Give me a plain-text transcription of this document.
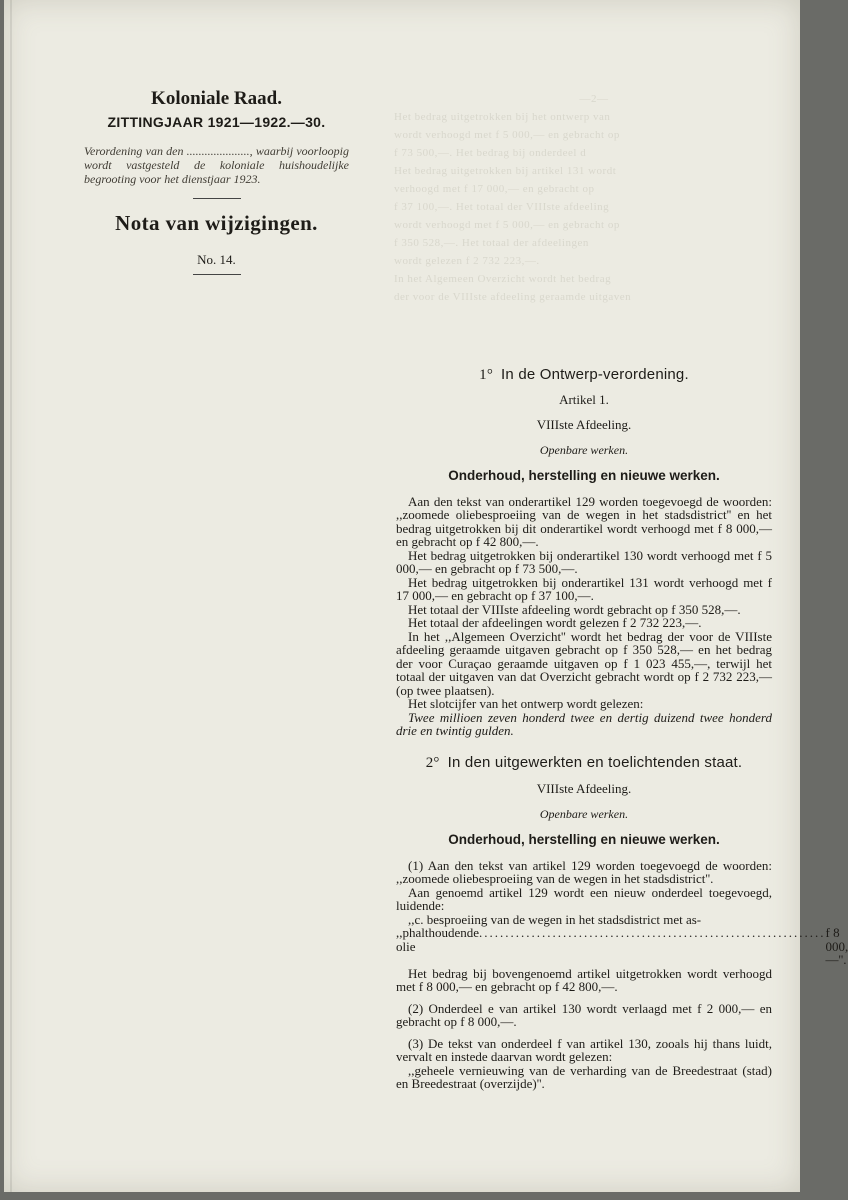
—2—
Het bedrag uitgetrokken bij het ontwerp van
wordt verhoogd met f 5 000,— en gebracht op
f 73 500,—. Het bedrag bij onderdeel d
Het bedrag uitgetrokken bij artikel 131 wordt
verhoogd met f 17 000,— en gebracht op
f 37 100,—. Het totaal der VIIIste afdeeling
wordt verhoogd met f 5 000,— en gebracht op
f 350 528,—. Het totaal der afdeelingen
wordt gelezen f 2 732 223,—.
In het Algemeen Overzicht wordt het bedrag
der voor de VIIIste afdeeling geraamde uitgaven
Koloniale Raad.
ZITTINGJAAR 1921—1922.—30.
Verordening van den ....................., waarbij voorloopig wordt vastgesteld de koloniale huishoudelijke begrooting voor het dienstjaar 1923.
Nota van wijzigingen.
No. 14.
1° In de Ontwerp-verordening.
Artikel 1.
VIIIste Afdeeling.
Openbare werken.
Onderhoud, herstelling en nieuwe werken.

Aan den tekst van onderartikel 129 worden toegevoegd de woorden: ,,zoomede oliebesproeiing van de wegen in het stadsdistrict'' en het bedrag uitgetrokken bij dit onderartikel wordt verhoogd met f 8 000,— en gebracht op f 42 800,—.

Het bedrag uitgetrokken bij onderartikel 130 wordt verhoogd met f 5 000,— en gebracht op f 73 500,—.

Het bedrag uitgetrokken bij onderartikel 131 wordt verhoogd met f 17 000,— en gebracht op f 37 100,—.

Het totaal der VIIIste afdeeling wordt gebracht op f 350 528,—.

Het totaal der afdeelingen wordt gelezen f 2 732 223,—.

In het ,,Algemeen Overzicht'' wordt het bedrag der voor de VIIIste afdeeling geraamde uitgaven gebracht op f 350 528,— en het bedrag der voor Curaçao geraamde uitgaven op f 1 023 455,—, terwijl het totaal der uitgaven van dat Overzicht gebracht wordt op f 2 732 223,— (op twee plaatsen).

Het slotcijfer van het ontwerp wordt gelezen:

Twee millioen zeven honderd twee en dertig duizend twee honderd drie en twintig gulden.

2° In den uitgewerkten en toelichtenden staat.
VIIIste Afdeeling.
Openbare werken.
Onderhoud, herstelling en nieuwe werken.

(1) Aan den tekst van artikel 129 worden toegevoegd de woorden: ,,zoomede oliebesproeiing van de wegen in het stadsdistrict''.

Aan genoemd artikel 129 wordt een nieuw onderdeel toegevoegd, luidende:

,,c. besproeiing van de wegen in het stadsdistrict met as-

,,phalthoudende olie
.................................................................. f 8 000,—''.

Het bedrag bij bovengenoemd artikel uitgetrokken wordt verhoogd met f 8 000,— en gebracht op f 42 800,—.

(2) Onderdeel e van artikel 130 wordt verlaagd met f 2 000,— en gebracht op f 8 000,—.

(3) De tekst van onderdeel f van artikel 130, zooals hij thans luidt, vervalt en instede daarvan wordt gelezen:

,,geheele vernieuwing van de verharding van de Breedestraat (stad) en Breedestraat (overzijde)''.
